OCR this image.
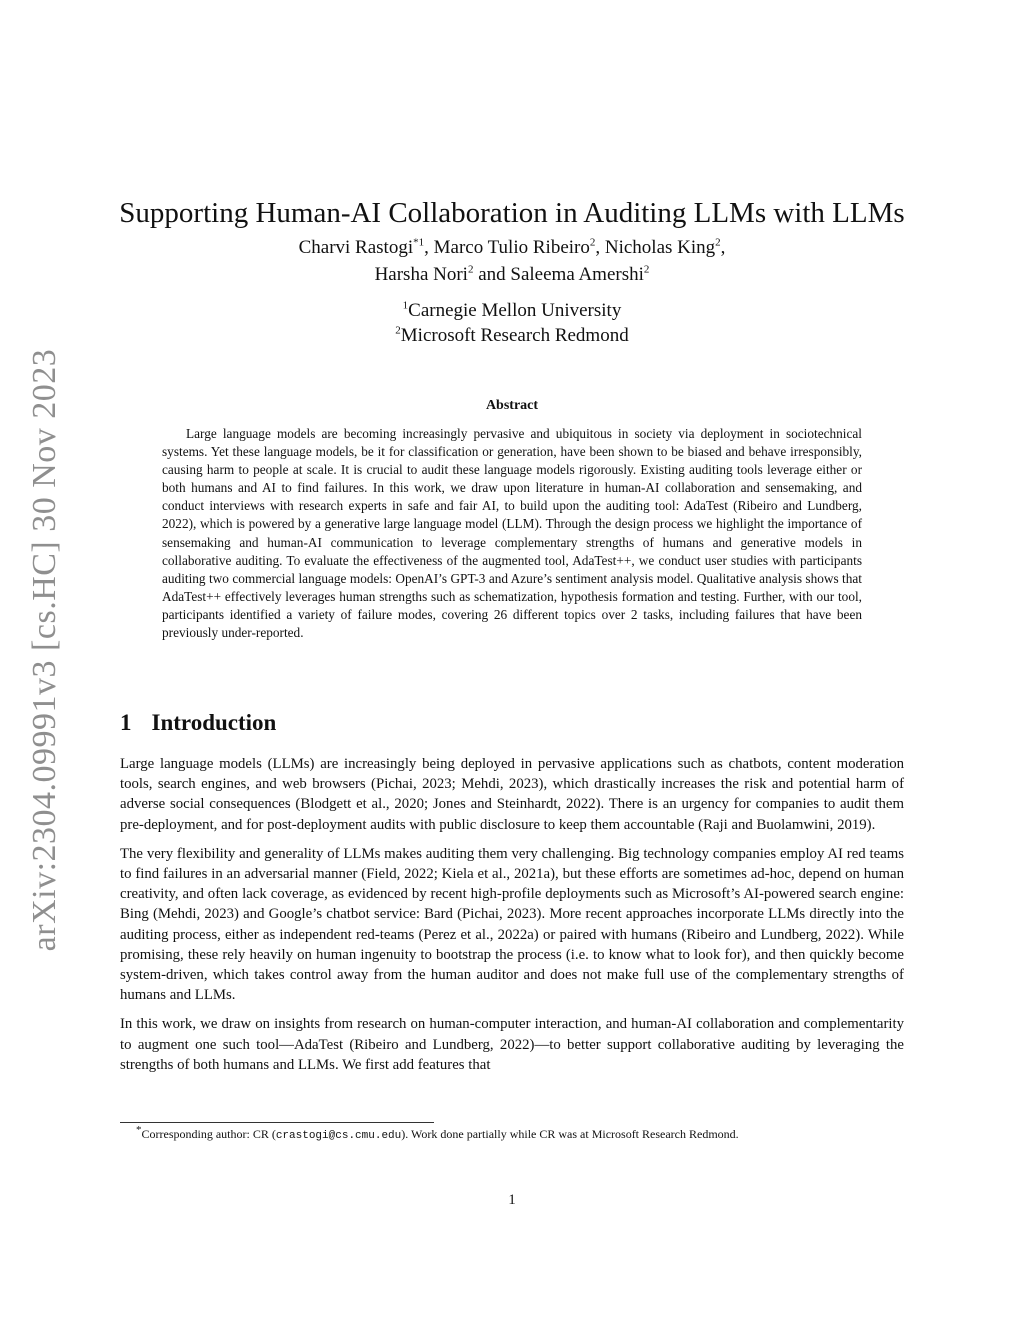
arXiv:2304.09991v3 [cs.HC] 30 Nov 2023
Supporting Human-AI Collaboration in Auditing LLMs with LLMs
Charvi Rastogi$^{*1}$, Marco Tulio Ribeiro$^2$, Nicholas King$^2$,
Harsha Nori$^2$ and Saleema Amershi$^2$
$^1$Carnegie Mellon University
$^2$Microsoft Research Redmond
Abstract

Large language models are becoming increasingly pervasive and ubiquitous in society via deployment in sociotechnical systems. Yet these language models, be it for classification or generation, have been shown to be biased and behave irresponsibly, causing harm to people at scale. It is crucial to audit these language models rigorously. Existing auditing tools leverage either or both humans and AI to find failures. In this work, we draw upon literature in human-AI collaboration and sensemaking, and conduct interviews with research experts in safe and fair AI, to build upon the auditing tool: AdaTest (Ribeiro and Lundberg, 2022), which is powered by a generative large language model (LLM). Through the design process we highlight the importance of sensemaking and human-AI communication to leverage complementary strengths of humans and generative models in collaborative auditing. To evaluate the effectiveness of the augmented tool, AdaTest++, we conduct user studies with participants auditing two commercial language models: OpenAI’s GPT-3 and Azure’s sentiment analysis model. Qualitative analysis shows that AdaTest++ effectively leverages human strengths such as schematization, hypothesis formation and testing. Further, with our tool, participants identified a variety of failure modes, covering 26 different topics over 2 tasks, including failures that have been previously under-reported.

1 Introduction

Large language models (LLMs) are increasingly being deployed in pervasive applications such as chatbots, content moderation tools, search engines, and web browsers (Pichai, 2023; Mehdi, 2023), which drastically increases the risk and potential harm of adverse social consequences (Blodgett et al., 2020; Jones and Steinhardt, 2022). There is an urgency for companies to audit them pre-deployment, and for post-deployment audits with public disclosure to keep them accountable (Raji and Buolamwini, 2019).

The very flexibility and generality of LLMs makes auditing them very challenging. Big technology companies employ AI red teams to find failures in an adversarial manner (Field, 2022; Kiela et al., 2021a), but these efforts are sometimes ad-hoc, depend on human creativity, and often lack coverage, as evidenced by recent high-profile deployments such as Microsoft’s AI-powered search engine: Bing (Mehdi, 2023) and Google’s chatbot service: Bard (Pichai, 2023). More recent approaches incorporate LLMs directly into the auditing process, either as independent red-teams (Perez et al., 2022a) or paired with humans (Ribeiro and Lundberg, 2022). While promising, these rely heavily on human ingenuity to bootstrap the process (i.e. to know what to look for), and then quickly become system-driven, which takes control away from the human auditor and does not make full use of the complementary strengths of humans and LLMs.

In this work, we draw on insights from research on human-computer interaction, and human-AI collaboration and complementarity to augment one such tool—AdaTest (Ribeiro and Lundberg, 2022)—to better support collaborative auditing by leveraging the strengths of both humans and LLMs. We first add features that

*Corresponding author: CR (crastogi@cs.cmu.edu). Work done partially while CR was at Microsoft Research Redmond.
1
